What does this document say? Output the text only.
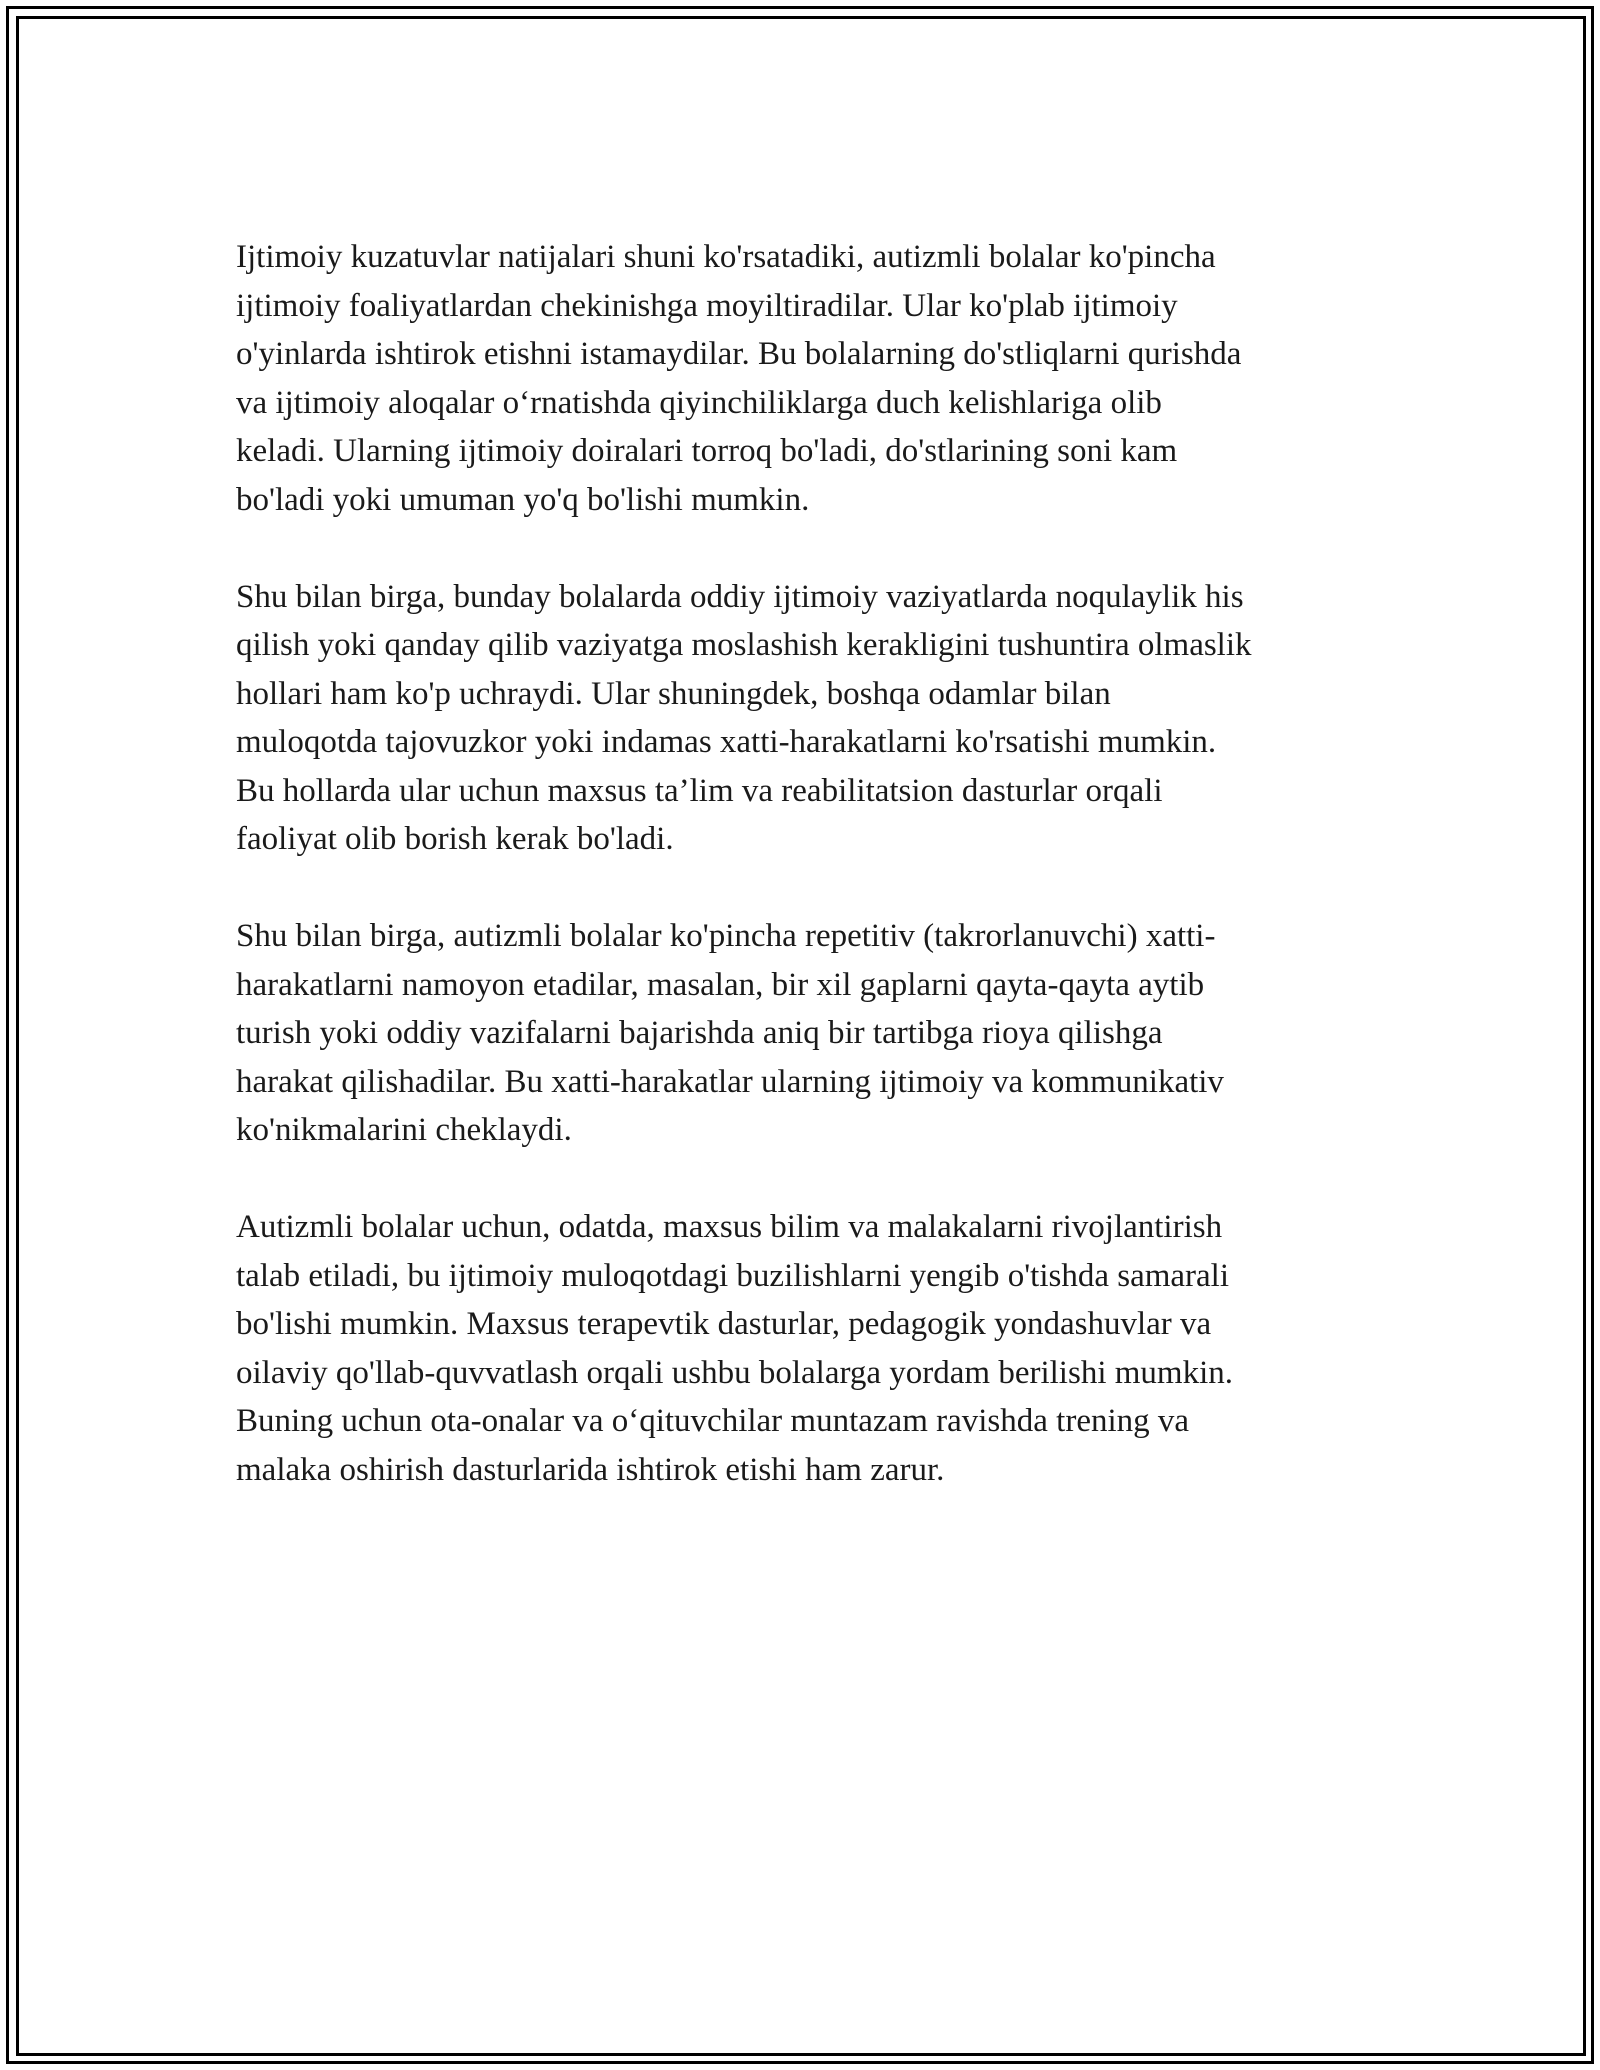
Ijtimoiy kuzatuvlar natijalari shuni ko'rsatadiki, autizmli bolalar ko'pincha
ijtimoiy foaliyatlardan chekinishga moyiltiradilar. Ular ko'plab ijtimoiy
o'yinlarda ishtirok etishni istamaydilar. Bu bolalarning do'stliqlarni qurishda
va ijtimoiy aloqalar o‘rnatishda qiyinchiliklarga duch kelishlariga olib
keladi. Ularning ijtimoiy doiralari torroq bo'ladi, do'stlarining soni kam
bo'ladi yoki umuman yo'q bo'lishi mumkin.

Shu bilan birga, bunday bolalarda oddiy ijtimoiy vaziyatlarda noqulaylik his
qilish yoki qanday qilib vaziyatga moslashish kerakligini tushuntira olmaslik
hollari ham ko'p uchraydi. Ular shuningdek, boshqa odamlar bilan
muloqotda tajovuzkor yoki indamas xatti-harakatlarni ko'rsatishi mumkin.
Bu hollarda ular uchun maxsus ta’lim va reabilitatsion dasturlar orqali
faoliyat olib borish kerak bo'ladi.

Shu bilan birga, autizmli bolalar ko'pincha repetitiv (takrorlanuvchi) xatti-
harakatlarni namoyon etadilar, masalan, bir xil gaplarni qayta-qayta aytib
turish yoki oddiy vazifalarni bajarishda aniq bir tartibga rioya qilishga
harakat qilishadilar. Bu xatti-harakatlar ularning ijtimoiy va kommunikativ
ko'nikmalarini cheklaydi.

Autizmli bolalar uchun, odatda, maxsus bilim va malakalarni rivojlantirish
talab etiladi, bu ijtimoiy muloqotdagi buzilishlarni yengib o'tishda samarali
bo'lishi mumkin. Maxsus terapevtik dasturlar, pedagogik yondashuvlar va
oilaviy qo'llab-quvvatlash orqali ushbu bolalarga yordam berilishi mumkin.
Buning uchun ota-onalar va o‘qituvchilar muntazam ravishda trening va
malaka oshirish dasturlarida ishtirok etishi ham zarur.
